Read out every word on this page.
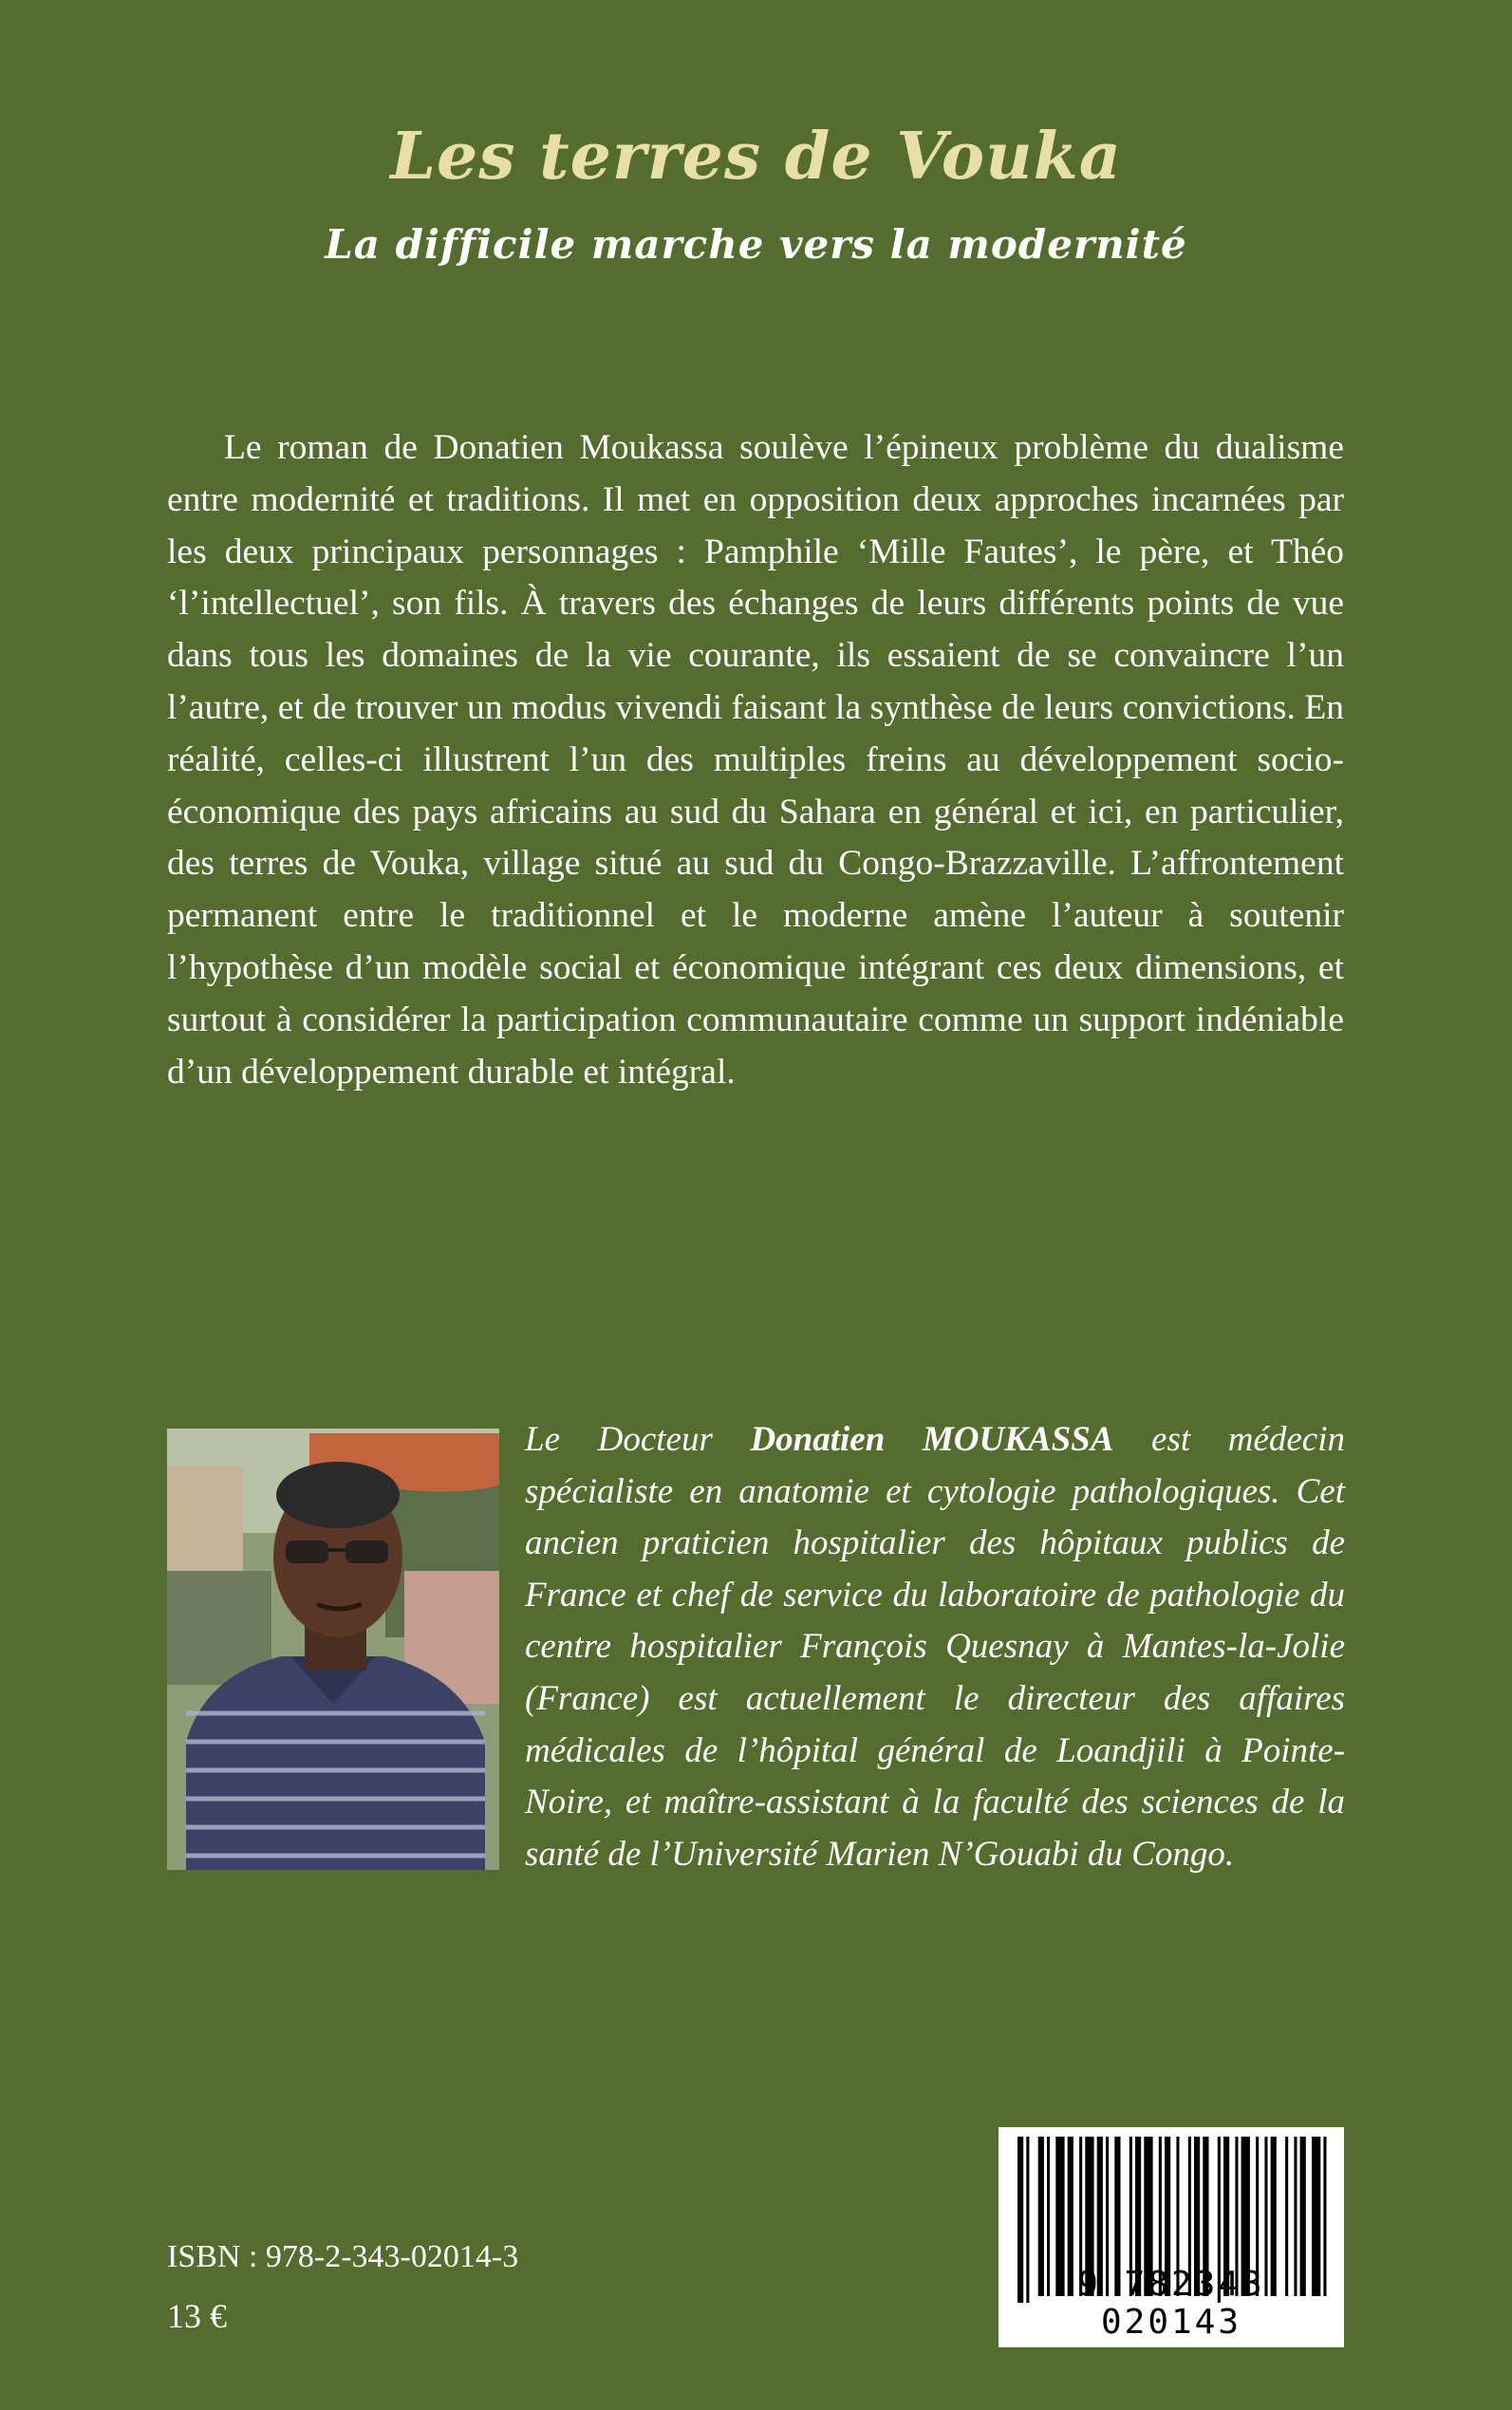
Les terres de Vouka
La difficile marche vers la modernité

Le roman de Donatien Moukassa soulève l’épineux problème du dualisme entre modernité et traditions. Il met en opposition deux approches incarnées par les deux principaux personnages : Pamphile ‘Mille Fautes’, le père, et Théo ‘l’intellectuel’, son fils. À travers des échanges de leurs différents points de vue dans tous les domaines de la vie courante, ils essaient de se convaincre l’un l’autre, et de trouver un modus vivendi faisant la synthèse de leurs convictions. En réalité, celles-ci illustrent l’un des multiples freins au développement socio-économique des pays africains au sud du Sahara en général et ici, en particulier, des terres de Vouka, village situé au sud du Congo-Brazzaville. L’affrontement permanent entre le traditionnel et le moderne amène l’auteur à soutenir l’hypothèse d’un modèle social et économique intégrant ces deux dimensions, et surtout à considérer la participation communautaire comme un support indéniable d’un développement durable et intégral.

Le Docteur Donatien MOUKASSA est médecin spécialiste en anatomie et cytologie pathologiques. Cet ancien praticien hospitalier des hôpitaux publics de France et chef de service du laboratoire de pathologie du centre hospitalier François Quesnay à Mantes-la-Jolie (France) est actuellement le directeur des affaires médicales de l’hôpital général de Loandjili à Pointe-Noire, et maître-assistant à la faculté des sciences de la santé de l’Université Marien N’Gouabi du Congo.

ISBN : 978-2-343-02014-3
13 €
9 782343 020143
